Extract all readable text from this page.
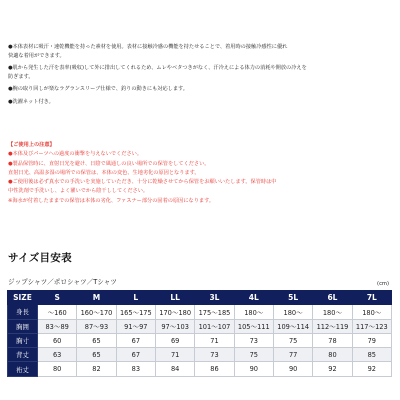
●本体表材に吸汗・速乾機能を持った素材を使用。表材に接触冷感の機能を持たせることで、着用時の接触冷感性に優れ

快適な着用ができます。

●肌から発生した汗を表率(吸収)して外に排出してくれるため、ムレやベタつきがなく、汗冷えによる体力の消耗や開放の冷えを

防ぎます。

●腕の取り回しが楽なラグランスリーブ仕様で、釣りの動きにも対応します。

●洗濯ネット付き。

【ご使用上の注意】
●本体及びパーツへの過度の衝撃を与えないでください。
●製品保管時に、直射日光を避け、日陰で風通しの良い場所での保管をしてください。
直射日光、高温多湿の場所での保管は、本体の変色、生地劣化の原因となります。
●ご使用後は必ず真水での手洗いを実施していただき、十分に乾燥させてから保管をお願いいたします。保管時は中
中性洗剤で手洗いし、よく濯いでから陰干ししてください。
※海水が付着したままでの保管は本体の劣化、ファスナー部分の固着の原因になります。
サイズ目安表
ジップシャツ／ポロシャツ／Tシャツ	(cm)
SIZE	S	M	L	LL	3L	4L	5L	6L	7L
身長	～160	160～170	165～175	170～180	175～185	180～	180～	180～	180～
胸囲	83～89	87～93	91～97	97～103	101～107	105～111	109～114	112～119	117～123
胸寸	60	65	67	69	71	73	75	78	79
背丈	63	65	67	71	73	75	77	80	85
裄丈	80	82	83	84	86	90	90	92	92
